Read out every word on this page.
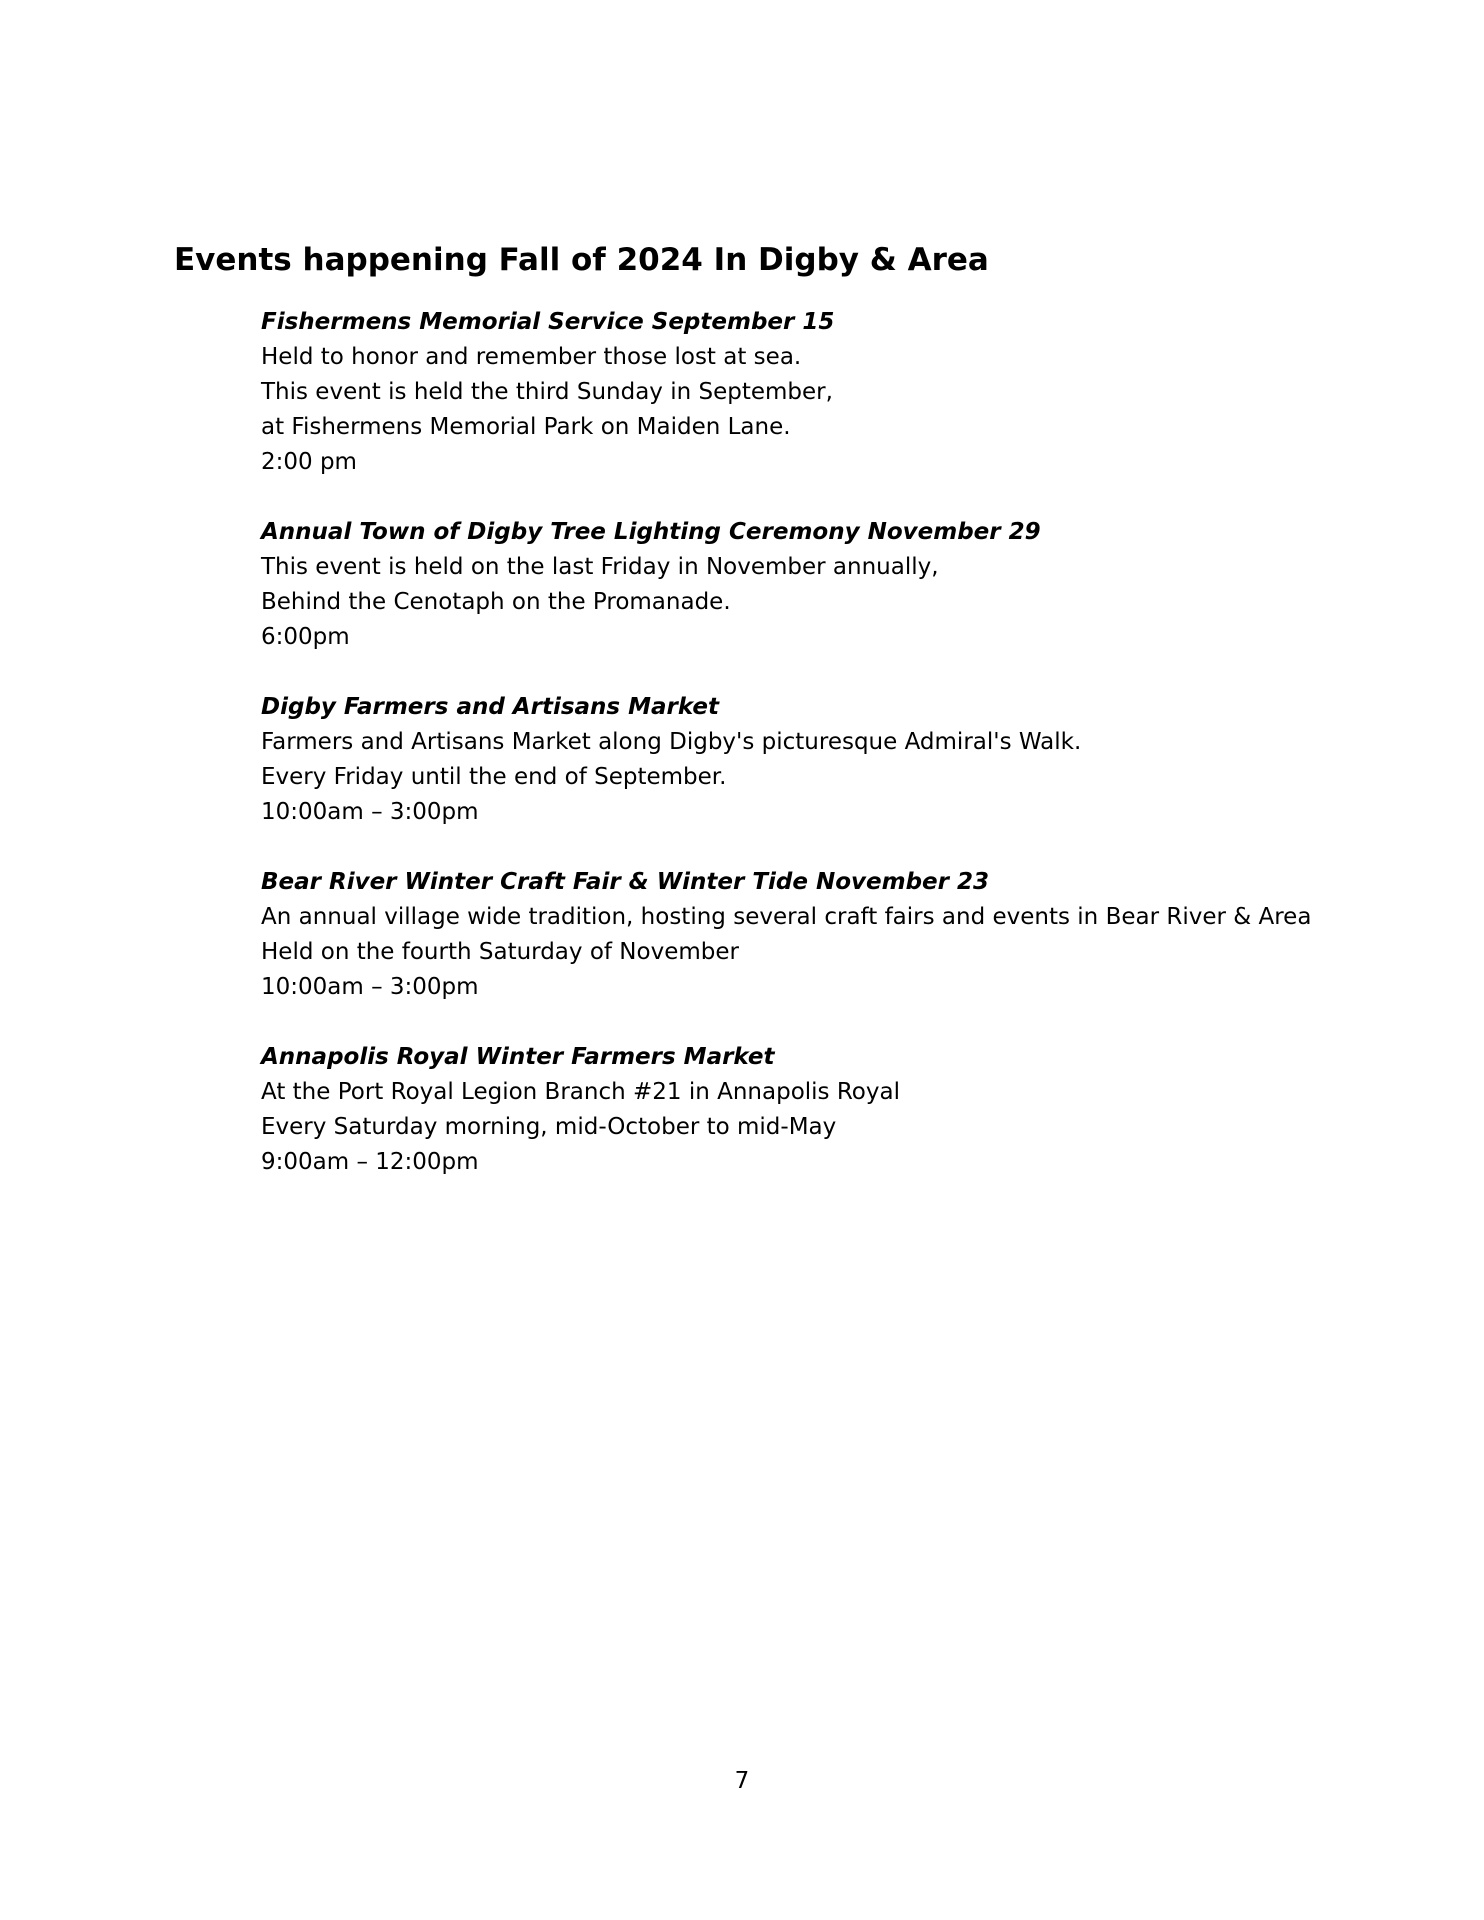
Events happening Fall of 2024 In Digby & Area
Fishermens Memorial Service September 15
Held to honor and remember those lost at sea.
This event is held the third Sunday in September,
at Fishermens Memorial Park on Maiden Lane.
2:00 pm
Annual Town of Digby Tree Lighting Ceremony November 29
This event is held on the last Friday in November annually,
Behind the Cenotaph on the Promanade.
6:00pm
Digby Farmers and Artisans Market
Farmers and Artisans Market along Digby's picturesque Admiral's Walk.
Every Friday until the end of September.
10:00am – 3:00pm
Bear River Winter Craft Fair & Winter Tide November 23
An annual village wide tradition, hosting several craft fairs and events in Bear River & Area
Held on the fourth Saturday of November
10:00am – 3:00pm
Annapolis Royal Winter Farmers Market
At the Port Royal Legion Branch #21 in Annapolis Royal
Every Saturday morning, mid-October to mid-May
9:00am – 12:00pm
7
